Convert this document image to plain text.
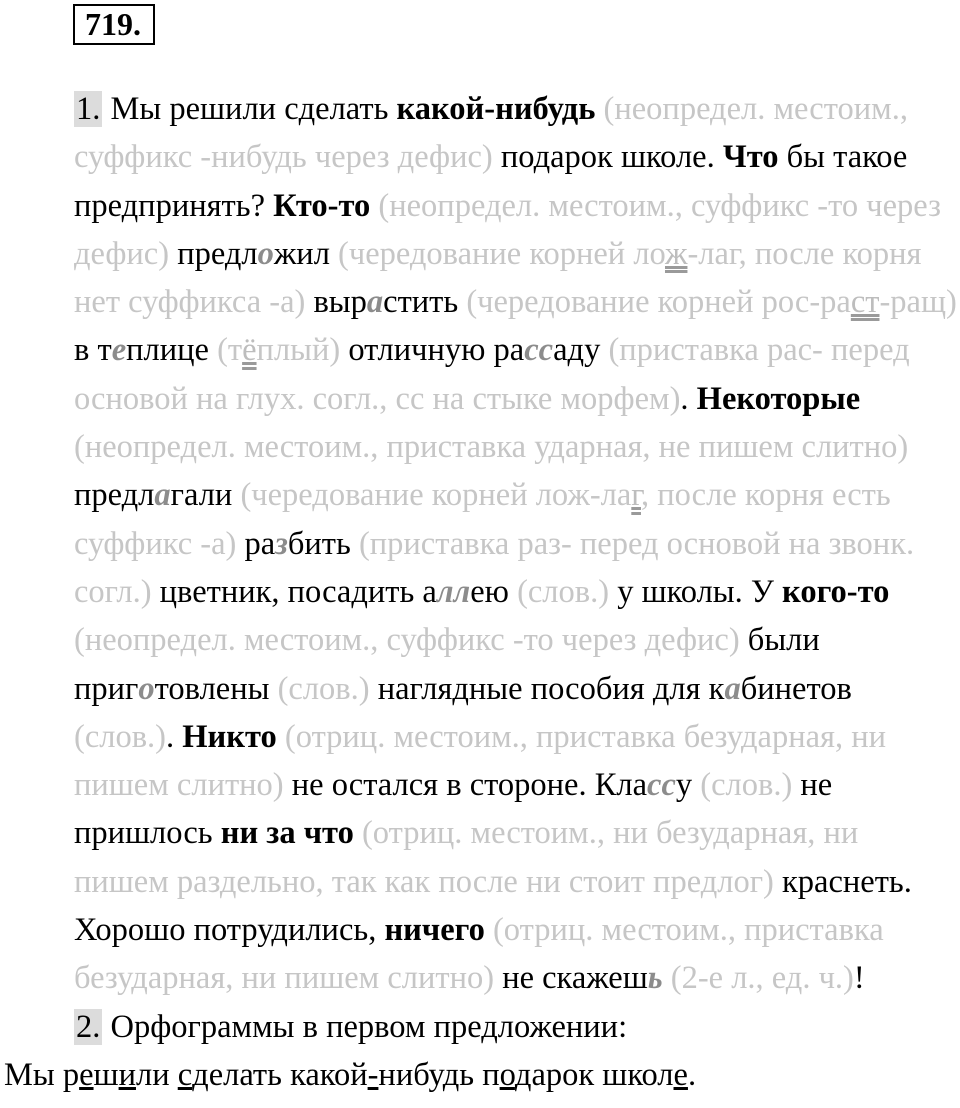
719.

1. Мы решили сделать какой-нибудь (неопредел. местоим., суффикс -нибудь через дефис) подарок школе. Что бы такое предпринять? Кто-то (неопредел. местоим., суффикс -то через дефис) предложил (чередование корней лож-лаг, после корня нет суффикса -а) вырастить (чередование корней рос-раст-ращ) в теплице (тёплый) отличную рассаду (приставка рас- перед основой на глух. согл., сс на стыке морфем). Некоторые (неопредел. местоим., приставка ударная, не пишем слитно) предлагали (чередование корней лож-лаг, после корня есть суффикс -а) разбить (приставка раз- перед основой на звонк. согл.) цветник, посадить аллею (слов.) у школы. У кого-то (неопредел. местоим., суффикс -то через дефис) были приготовлены (слов.) наглядные пособия для кабинетов (слов.). Никто (отриц. местоим., приставка безударная, ни пишем слитно) не остался в стороне. Классу (слов.) не пришлось ни за что (отриц. местоим., ни безударная, ни пишем раздельно, так как после ни стоит предлог) краснеть. Хорошо потрудились, ничего (отриц. местоим., приставка безударная, ни пишем слитно) не скажешь (2-е л., ед. ч.)!

2. Орфограммы в первом предложении:

Мы решили сделать какой-нибудь подарок школе.
